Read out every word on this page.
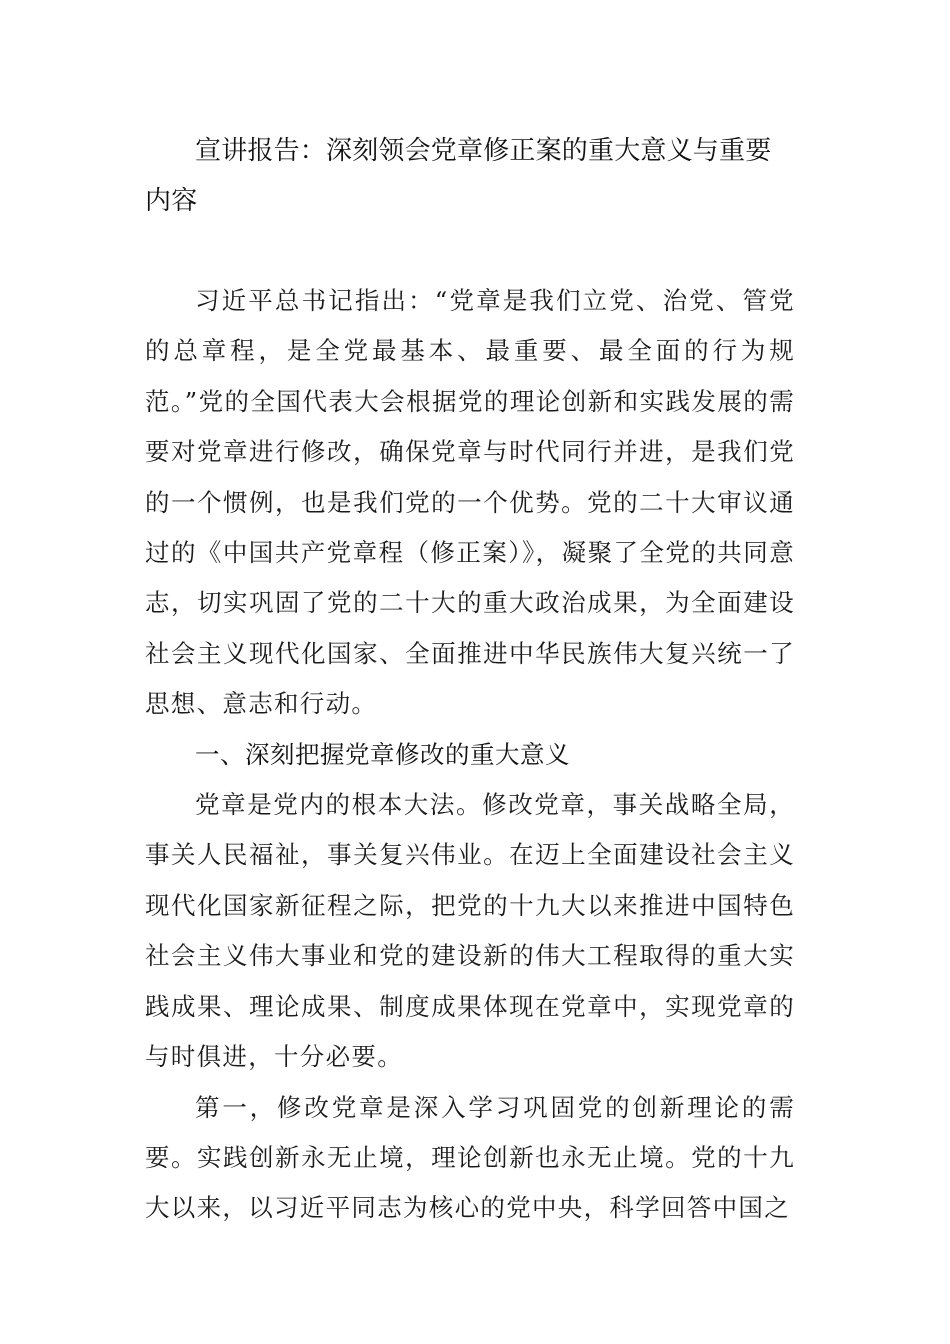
宣讲报告：深刻领会党章修正案的重大意义与重要内容

习近平总书记指出：“党章是我们立党、治党、管党的总章程，是全党最基本、最重要、最全面的行为规范。”党的全国代表大会根据党的理论创新和实践发展的需要对党章进行修改，确保党章与时代同行并进，是我们党的一个惯例，也是我们党的一个优势。党的二十大审议通过的《中国共产党章程（修正案）》，凝聚了全党的共同意志，切实巩固了党的二十大的重大政治成果，为全面建设社会主义现代化国家、全面推进中华民族伟大复兴统一了思想、意志和行动。

一、深刻把握党章修改的重大意义

党章是党内的根本大法。修改党章，事关战略全局，事关人民福祉，事关复兴伟业。在迈上全面建设社会主义现代化国家新征程之际，把党的十九大以来推进中国特色社会主义伟大事业和党的建设新的伟大工程取得的重大实践成果、理论成果、制度成果体现在党章中，实现党章的与时俱进，十分必要。

第一，修改党章是深入学习巩固党的创新理论的需要。实践创新永无止境，理论创新也永无止境。党的十九大以来，以习近平同志为核心的党中央，科学回答中国之
